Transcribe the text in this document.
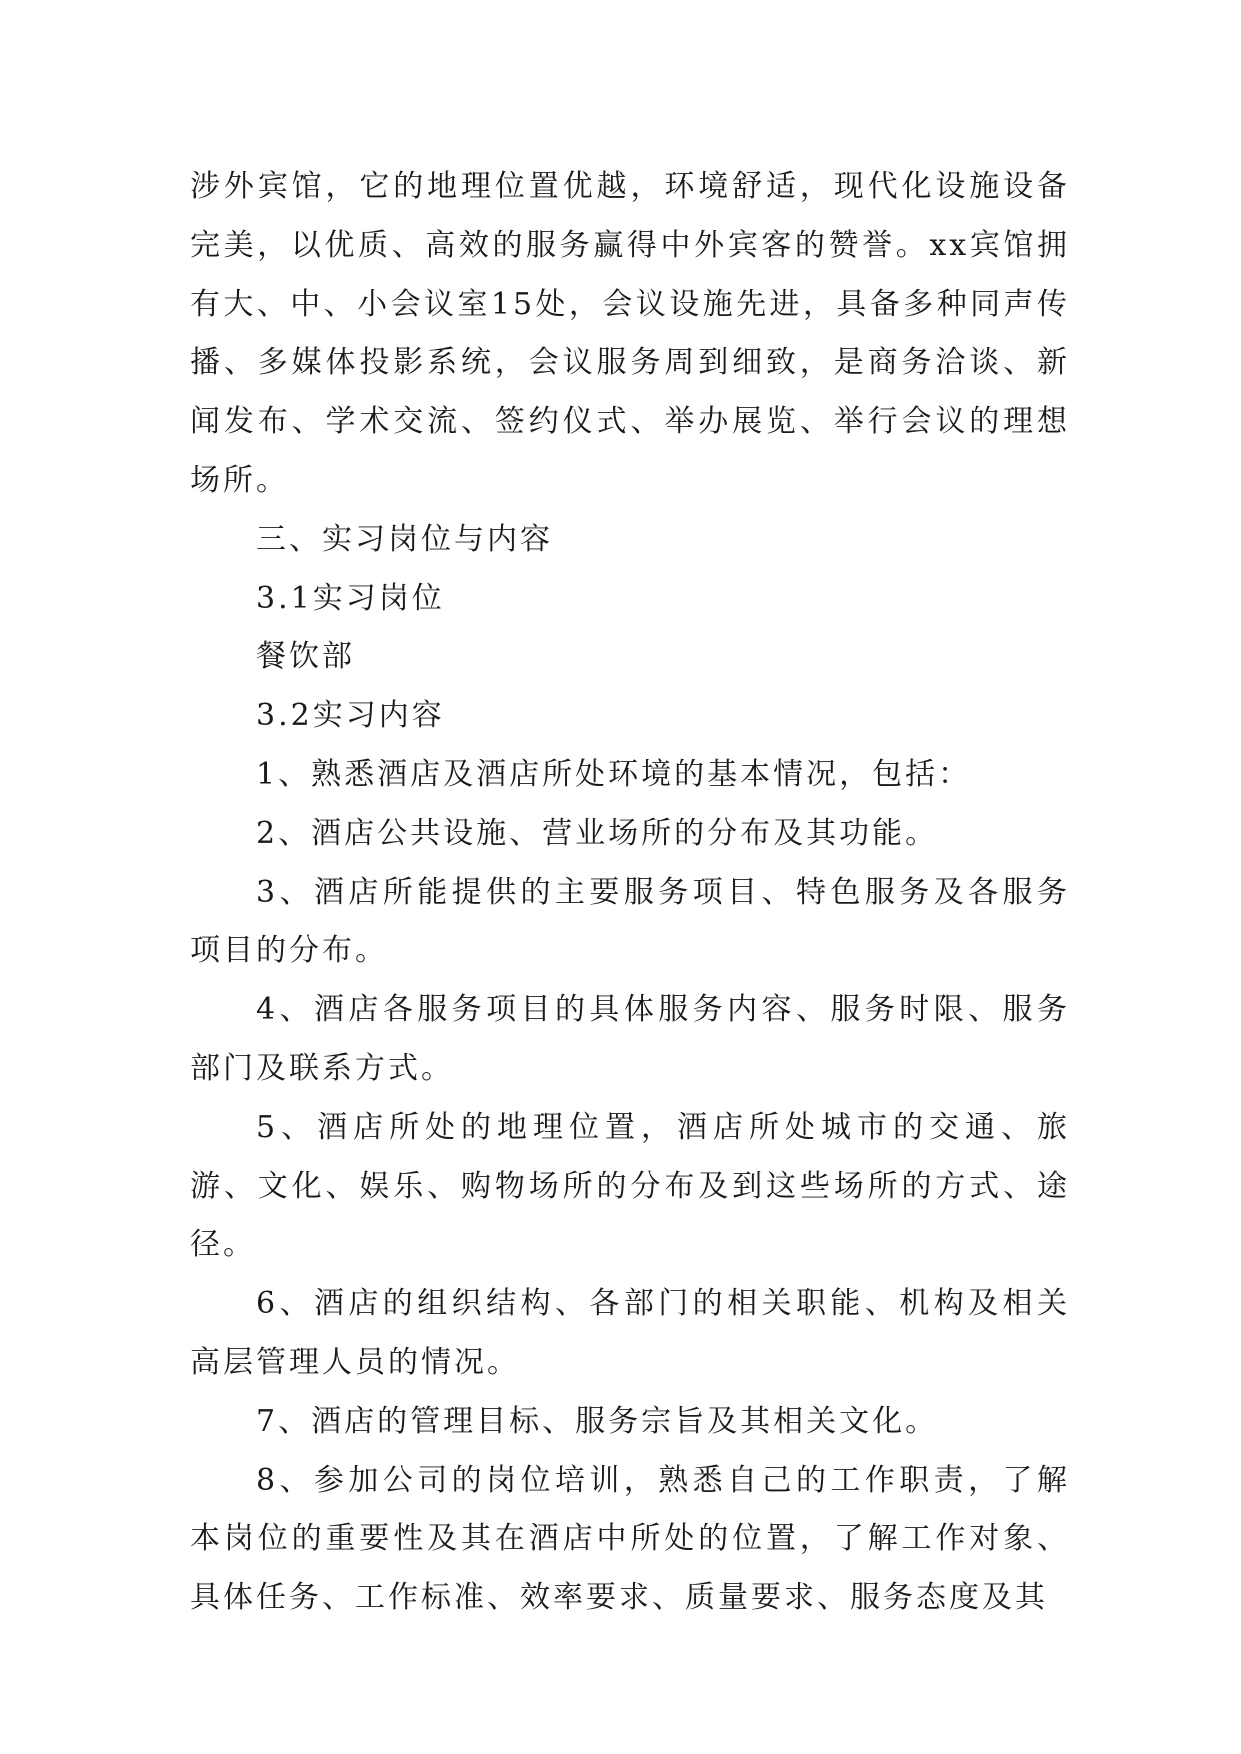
涉外宾馆，它的地理位置优越，环境舒适，现代化设施设备完美，以优质、高效的服务赢得中外宾客的赞誉。xx宾馆拥有大、中、小会议室15处，会议设施先进，具备多种同声传播、多媒体投影系统，会议服务周到细致，是商务洽谈、新闻发布、学术交流、签约仪式、举办展览、举行会议的理想场所。

三、实习岗位与内容

3.1实习岗位

餐饮部

3.2实习内容

1、熟悉酒店及酒店所处环境的基本情况，包括：

2、酒店公共设施、营业场所的分布及其功能。

3、酒店所能提供的主要服务项目、特色服务及各服务项目的分布。

4、酒店各服务项目的具体服务内容、服务时限、服务部门及联系方式。

5、酒店所处的地理位置，酒店所处城市的交通、旅游、文化、娱乐、购物场所的分布及到这些场所的方式、途径。

6、酒店的组织结构、各部门的相关职能、机构及相关高层管理人员的情况。

7、酒店的管理目标、服务宗旨及其相关文化。

8、参加公司的岗位培训，熟悉自己的工作职责，了解本岗位的重要性及其在酒店中所处的位置，了解工作对象、具体任务、工作标准、效率要求、质量要求、服务态度及其
